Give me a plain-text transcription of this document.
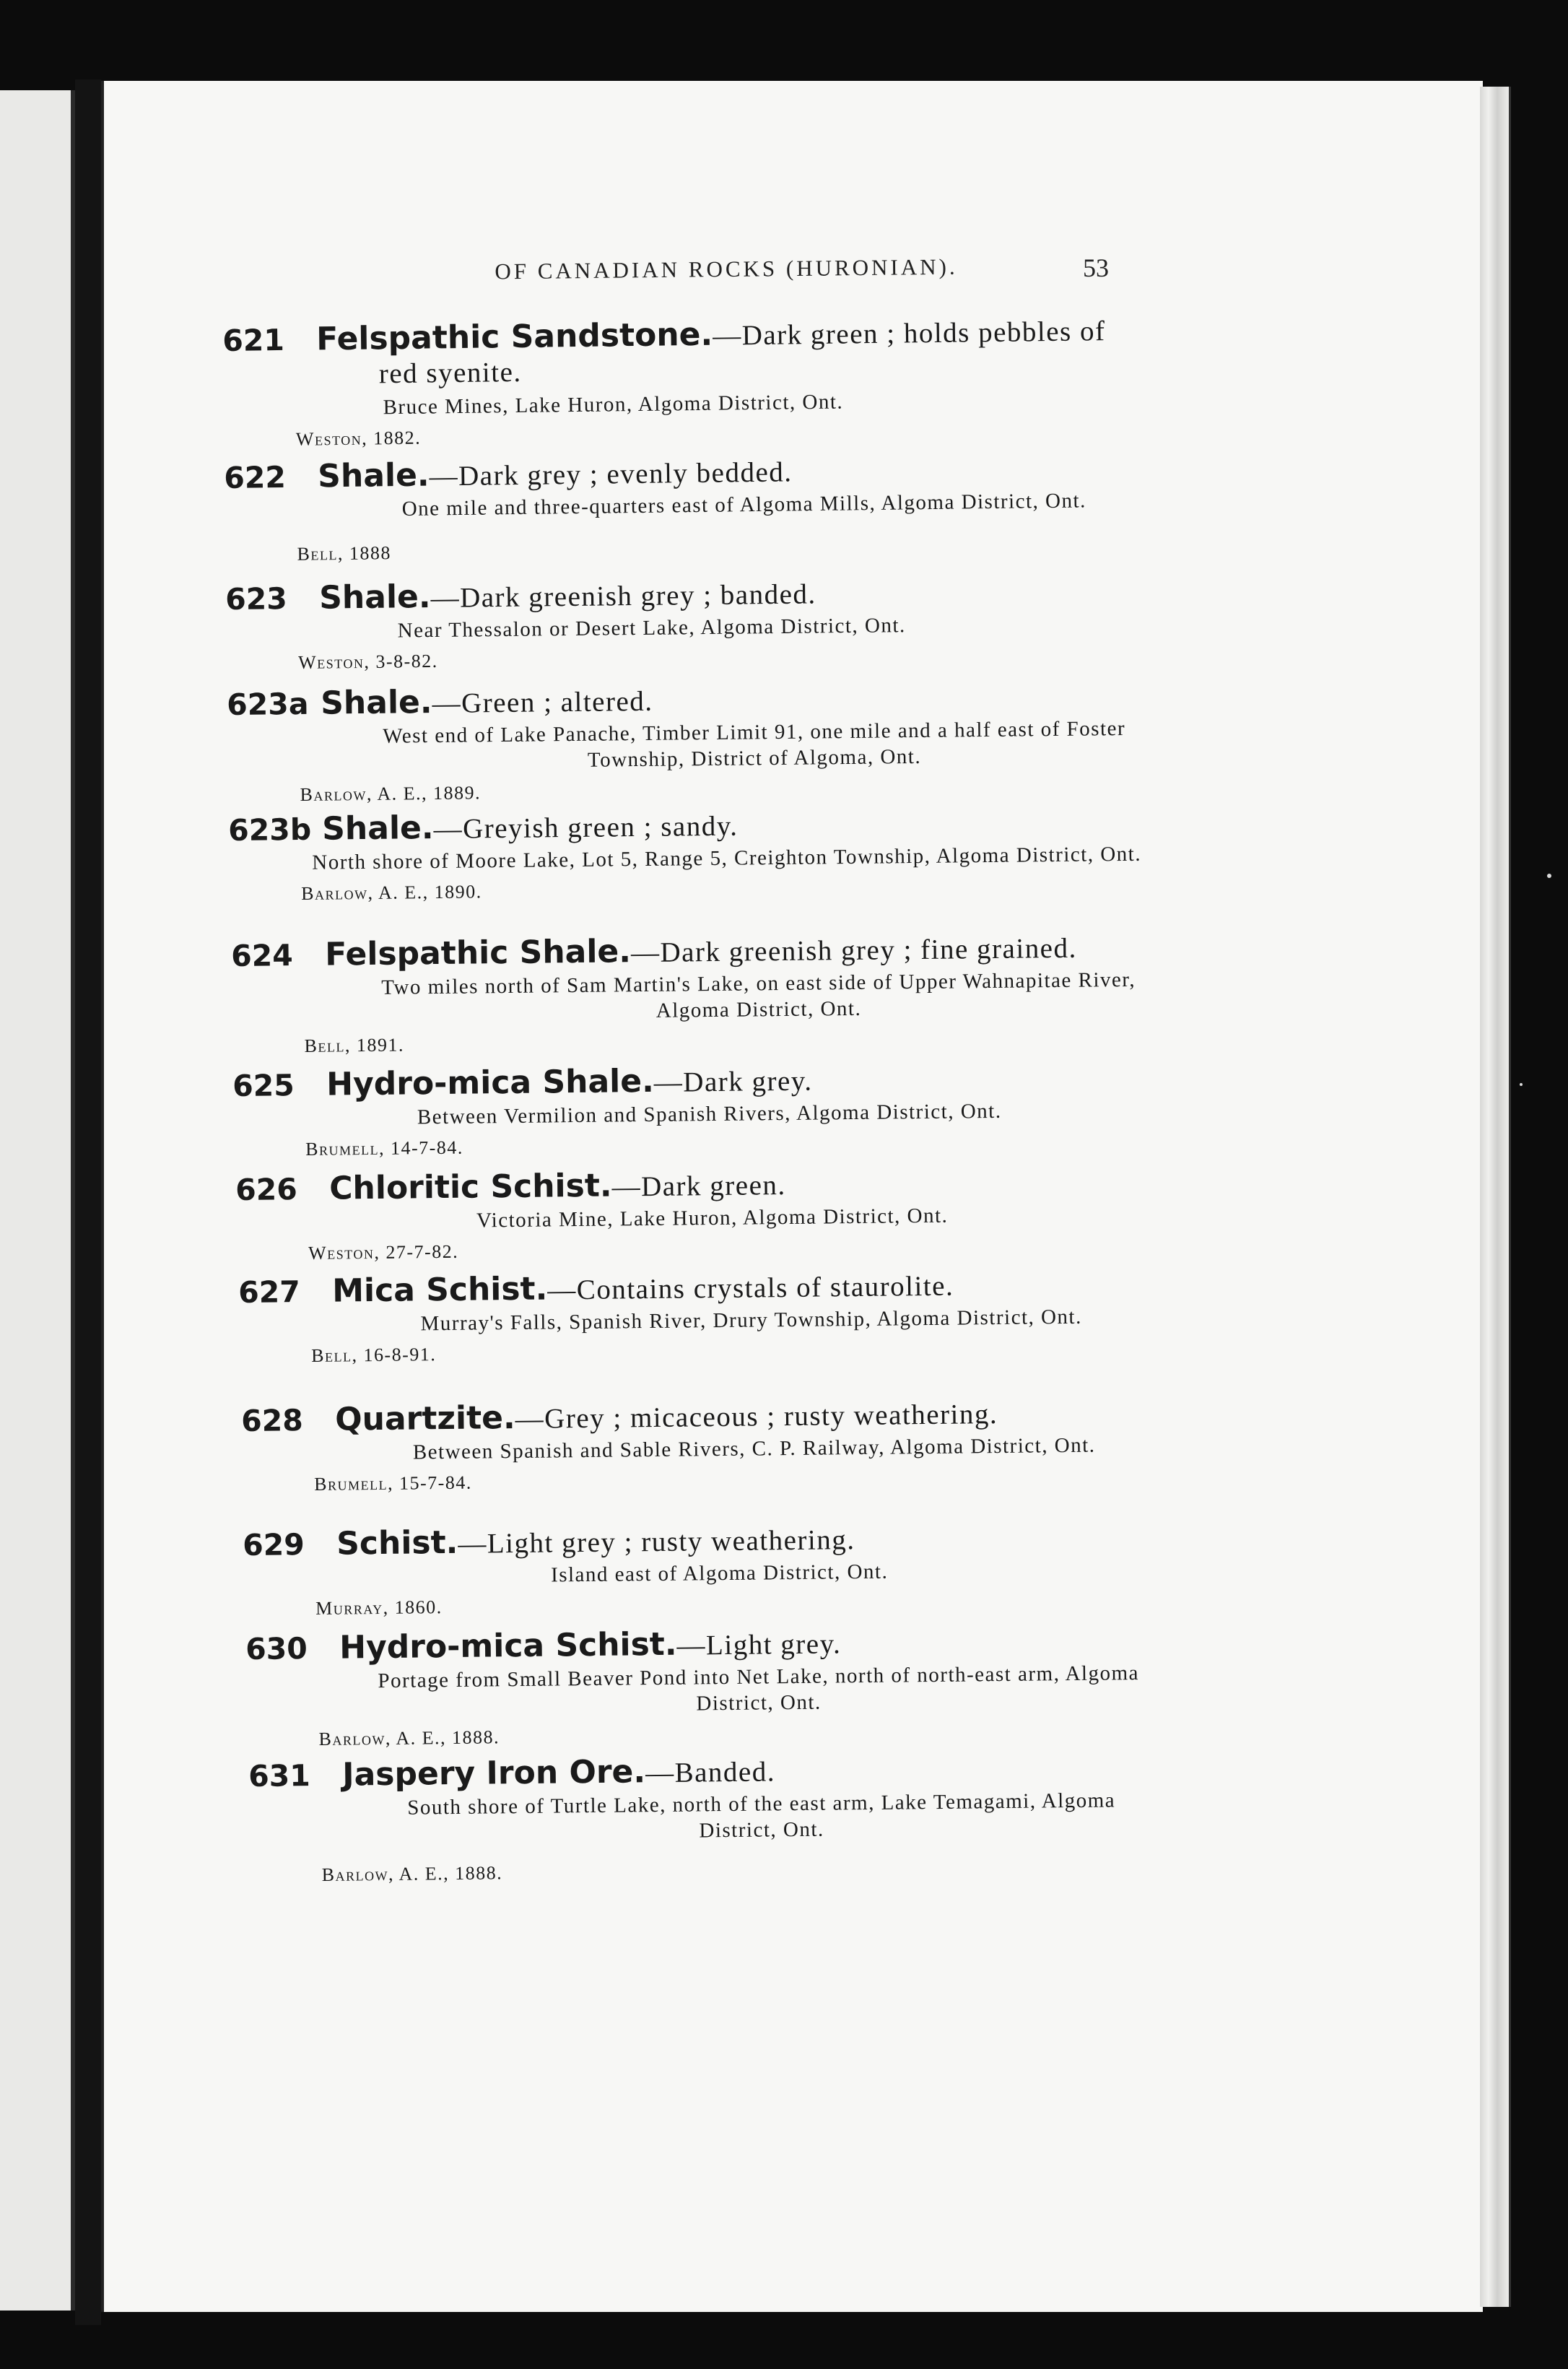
OF CANADIAN ROCKS (HURONIAN).	53
621 Felspathic Sandstone.—Dark green ; holds pebbles of
red syenite.
Bruce Mines, Lake Huron, Algoma District, Ont.
Weston, 1882.
622 Shale.—Dark grey ; evenly bedded.
One mile and three-quarters east of Algoma Mills, Algoma District, Ont.
Bell, 1888
623 Shale.—Dark greenish grey ; banded.
Near Thessalon or Desert Lake, Algoma District, Ont.
Weston, 3-8-82.
623a Shale.—Green ; altered.
West end of Lake Panache, Timber Limit 91, one mile and a half east of Foster Township, District of Algoma, Ont.
Barlow, A. E., 1889.
623b Shale.—Greyish green ; sandy.
North shore of Moore Lake, Lot 5, Range 5, Creighton Township, Algoma District, Ont.
Barlow, A. E., 1890.
624 Felspathic Shale.—Dark greenish grey ; fine grained.
Two miles north of Sam Martin's Lake, on east side of Upper Wahnapitae River, Algoma District, Ont.
Bell, 1891.
625 Hydro-mica Shale.—Dark grey.
Between Vermilion and Spanish Rivers, Algoma District, Ont.
Brumell, 14-7-84.
626 Chloritic Schist.—Dark green.
Victoria Mine, Lake Huron, Algoma District, Ont.
Weston, 27-7-82.
627 Mica Schist.—Contains crystals of staurolite.
Murray's Falls, Spanish River, Drury Township, Algoma District, Ont.
Bell, 16-8-91.
628 Quartzite.—Grey ; micaceous ; rusty weathering.
Between Spanish and Sable Rivers, C. P. Railway, Algoma District, Ont.
Brumell, 15-7-84.
629 Schist.—Light grey ; rusty weathering.
Island east of Algoma District, Ont.
Murray, 1860.
630 Hydro-mica Schist.—Light grey.
Portage from Small Beaver Pond into Net Lake, north of north-east arm, Algoma District, Ont.
Barlow, A. E., 1888.
631 Jaspery Iron Ore.—Banded.
South shore of Turtle Lake, north of the east arm, Lake Temagami, Algoma District, Ont.
Barlow, A. E., 1888.
